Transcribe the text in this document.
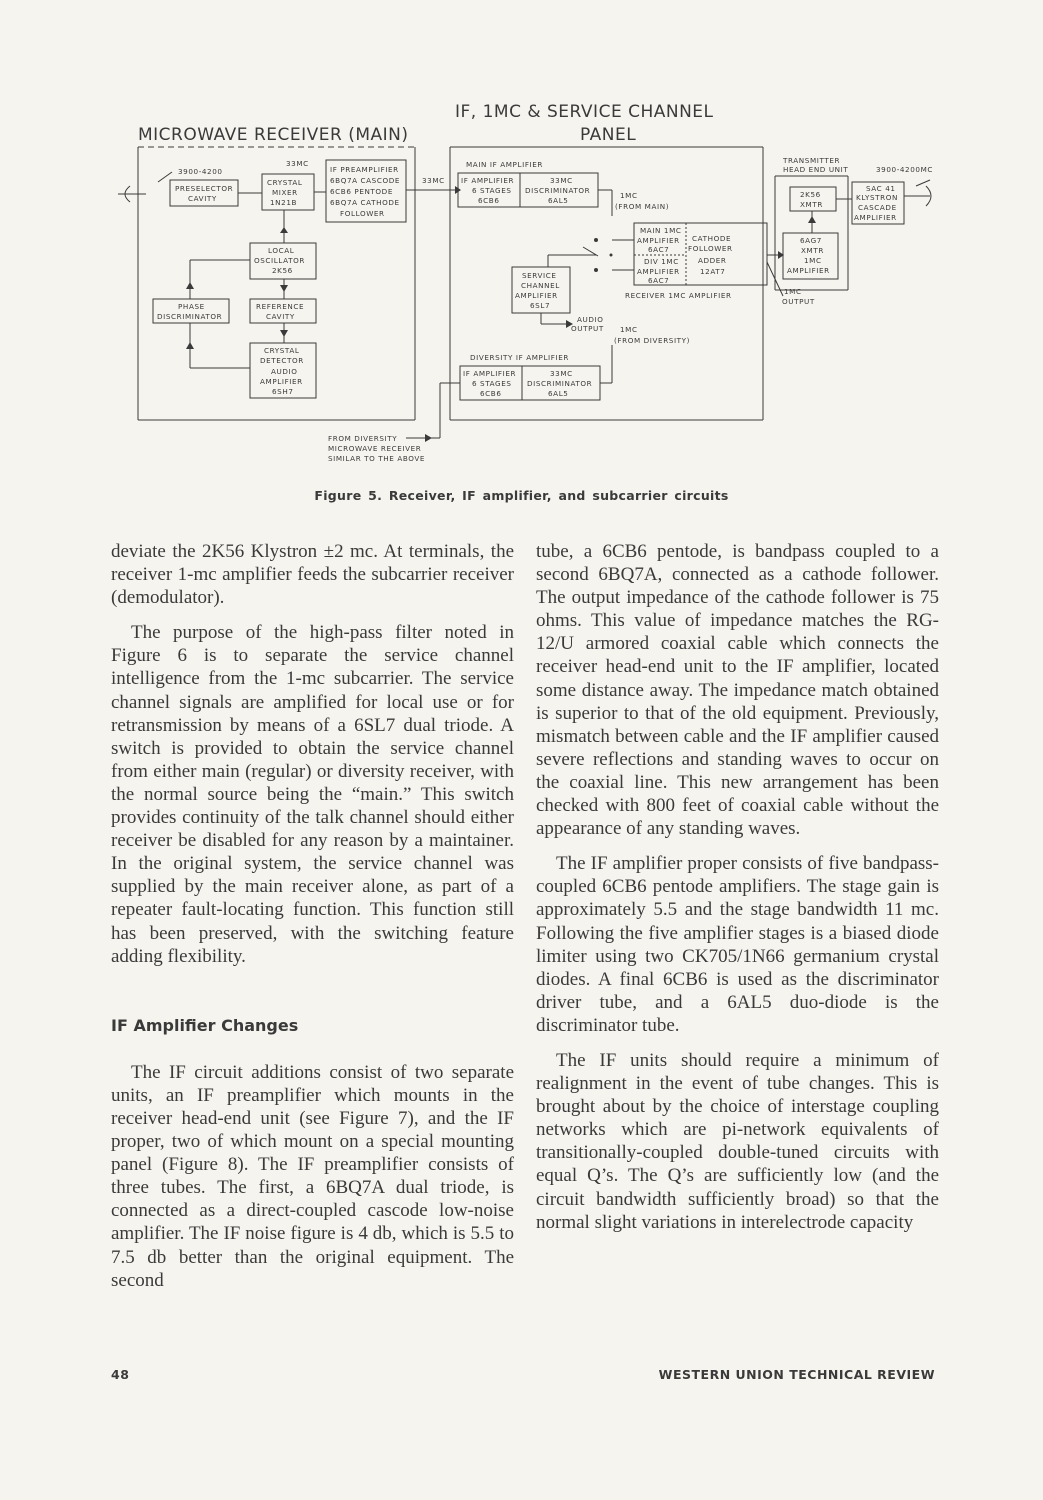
MICROWAVE RECEIVER (MAIN)
IF, 1MC & SERVICE CHANNEL
PANEL
3900-4200
PRESELECTOR
CAVITY
33MC
CRYSTAL
MIXER
1N21B
IF PREAMPLIFIER
6BQ7A CASCODE
6CB6 PENTODE
6BQ7A CATHODE
FOLLOWER
33MC
LOCAL
OSCILLATOR
2K56
PHASE
DISCRIMINATOR
REFERENCE
CAVITY
CRYSTAL
DETECTOR
AUDIO
AMPLIFIER
6SH7
MAIN IF AMPLIFIER
IF AMPLIFIER
6 STAGES
6CB6
33MC
DISCRIMINATOR
6AL5
1MC
(FROM MAIN)
MAIN 1MC
AMPLIFIER
6AC7
DIV 1MC
AMPLIFIER
6AC7
CATHODE
FOLLOWER
ADDER
12AT7
RECEIVER 1MC AMPLIFIER
SERVICE
CHANNEL
AMPLIFIER
6SL7
AUDIO
OUTPUT 1MC
(FROM DIVERSITY)
DIVERSITY IF AMPLIFIER
IF AMPLIFIER
6 STAGES
6CB6
33MC
DISCRIMINATOR
6AL5
FROM DIVERSITY
MICROWAVE RECEIVER
SIMILAR TO THE ABOVE
TRANSMITTER
HEAD END UNIT	3900-4200MC
2K56
XMTR
SAC 41
KLYSTRON
CASCADE
AMPLIFIER
6AG7
XMTR
1MC
AMPLIFIER
1MC
OUTPUT
Figure 5. Receiver, IF amplifier, and subcarrier circuits

deviate the 2K56 Klystron ±2 mc. At terminals, the receiver 1-mc amplifier feeds the subcarrier receiver (demodulator).

The purpose of the high-pass filter noted in Figure 6 is to separate the service channel intelligence from the 1-mc subcarrier. The service channel signals are amplified for local use or for retransmission by means of a 6SL7 dual triode. A switch is provided to obtain the service channel from either main (regular) or diversity receiver, with the normal source being the “main.” This switch provides continuity of the talk channel should either receiver be disabled for any reason by a maintainer. In the original system, the service channel was supplied by the main receiver alone, as part of a repeater fault-locating function. This function still has been preserved, with the switching feature adding flexibility.

IF Amplifier Changes

The IF circuit additions consist of two separate units, an IF preamplifier which mounts in the receiver head-end unit (see Figure 7), and the IF proper, two of which mount on a special mounting panel (Figure 8). The IF preamplifier consists of three tubes. The first, a 6BQ7A dual triode, is connected as a direct-coupled cascode low-noise amplifier. The IF noise figure is 4 db, which is 5.5 to 7.5 db better than the original equipment. The second

tube, a 6CB6 pentode, is bandpass coupled to a second 6BQ7A, connected as a cathode follower. The output impedance of the cathode follower is 75 ohms. This value of impedance matches the RG-12/U armored coaxial cable which connects the receiver head-end unit to the IF amplifier, located some distance away. The impedance match obtained is superior to that of the old equipment. Previously, mismatch between cable and the IF amplifier caused severe reflections and standing waves to occur on the coaxial line. This new arrangement has been checked with 800 feet of coaxial cable without the appearance of any standing waves.

The IF amplifier proper consists of five bandpass-coupled 6CB6 pentode amplifiers. The stage gain is approximately 5.5 and the stage bandwidth 11 mc. Following the five amplifier stages is a biased diode limiter using two CK705/1N66 germanium crystal diodes. A final 6CB6 is used as the discriminator driver tube, and a 6AL5 duo-diode is the discriminator tube.

The IF units should require a minimum of realignment in the event of tube changes. This is brought about by the choice of interstage coupling networks which are pi-network equivalents of transitionally-coupled double-tuned circuits with equal Q’s. The Q’s are sufficiently low (and the circuit bandwidth sufficiently broad) so that the normal slight variations in interelectrode capacity

48	WESTERN UNION TECHNICAL REVIEW
